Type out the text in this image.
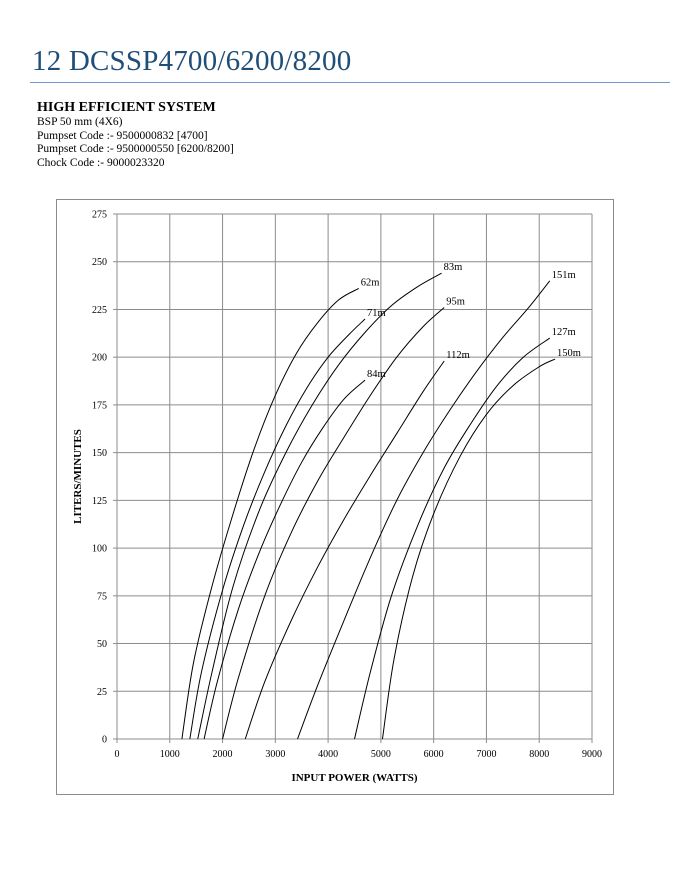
12 DCSSP4700/6200/8200
HIGH EFFICIENT SYSTEM
BSP 50 mm (4X6)
Pumpset Code :- 9500000832 [4700]
Pumpset Code :- 9500000550 [6200/8200]
Chock Code :- 9000023320
62m
71m
84m
83m
95m
112m
151m
127m
150m
0	1000	2000	3000	4000	5000	6000	7000	8000	9000
0
25
50
75
100
125
150
175
200
225
250
275
INPUT POWER (WATTS)
LITERS/MINUTES
